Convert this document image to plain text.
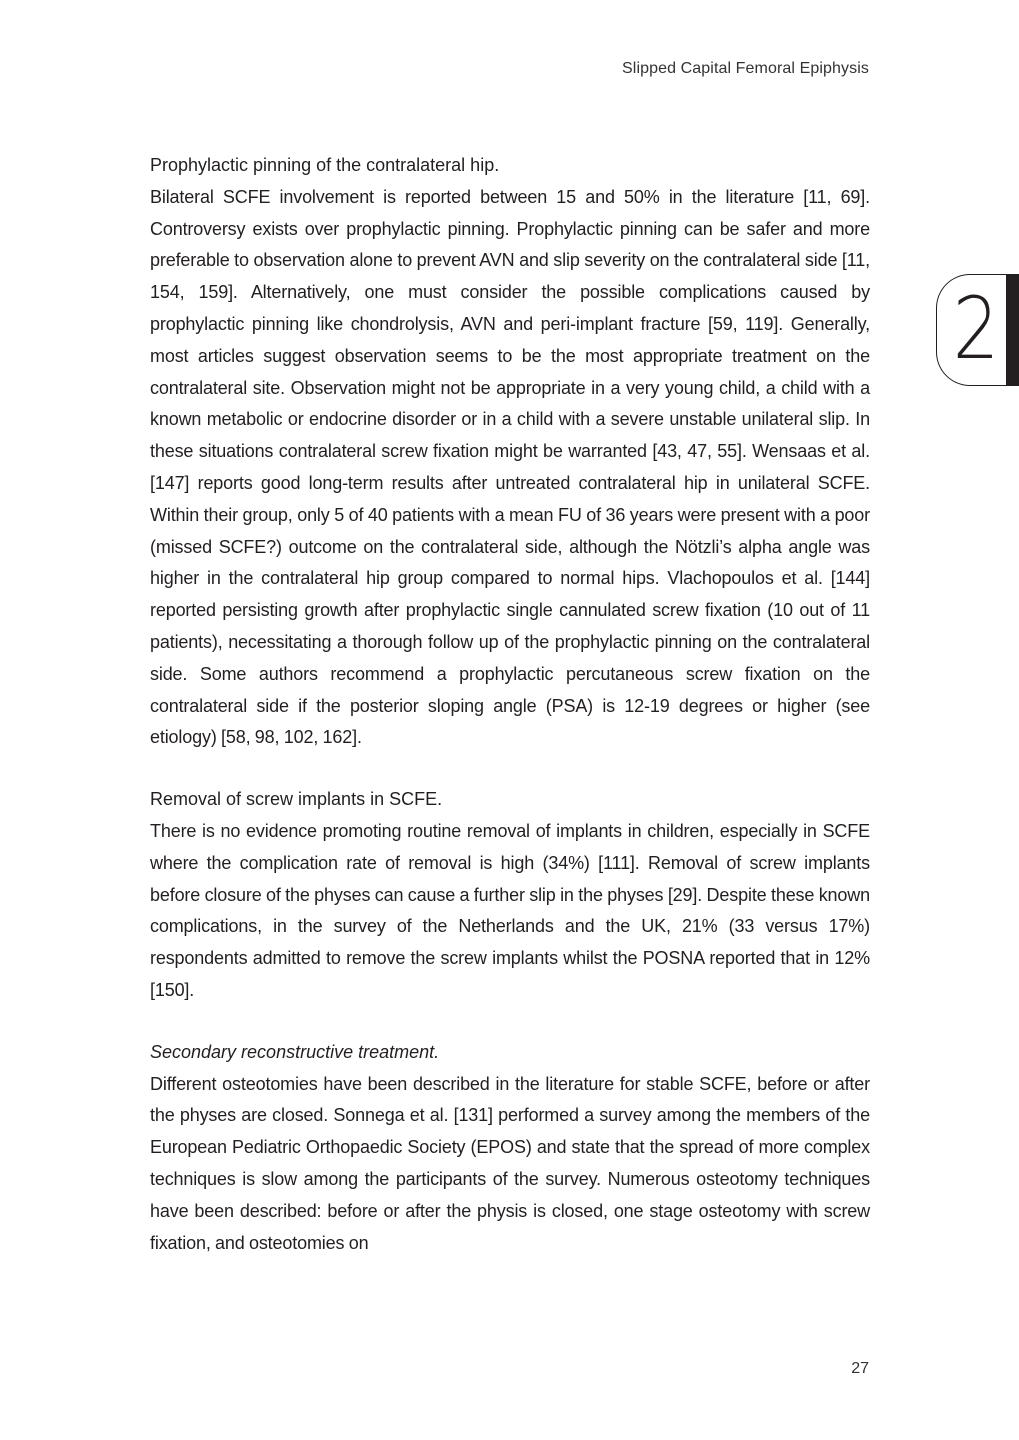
Slipped Capital Femoral Epiphysis
2

Prophylactic pinning of the contralateral hip.

Bilateral SCFE involvement is reported between 15 and 50% in the literature [11, 69]. Controversy exists over prophylactic pinning. Prophylactic pinning can be safer and more preferable to observation alone to prevent AVN and slip severity on the contralateral side [11, 154, 159]. Alternatively, one must consider the possible complications caused by prophylactic pinning like chondrolysis, AVN and peri-implant fracture [59, 119]. Generally, most articles suggest observation seems to be the most appropriate treatment on the contralateral site. Observation might not be appropriate in a very young child, a child with a known metabolic or endocrine disorder or in a child with a severe unstable unilateral slip. In these situations contralateral screw fixation might be warranted [43, 47, 55]. Wensaas et al. [147] reports good long-term results after untreated contralateral hip in unilateral SCFE. Within their group, only 5 of 40 patients with a mean FU of 36 years were present with a poor (missed SCFE?) outcome on the contralateral side, although the Nötzli’s alpha angle was higher in the contralateral hip group compared to normal hips. Vlachopoulos et al. [144] reported persisting growth after prophylactic single cannulated screw fixation (10 out of 11 patients), necessitating a thorough follow up of the prophylactic pinning on the contralateral side. Some authors recommend a prophylactic percutaneous screw fixation on the contralateral side if the posterior sloping angle (PSA) is 12-19 degrees or higher (see etiology) [58, 98, 102, 162].

Removal of screw implants in SCFE.

There is no evidence promoting routine removal of implants in children, especially in SCFE where the complication rate of removal is high (34%) [111]. Removal of screw implants before closure of the physes can cause a further slip in the physes [29]. Despite these known complications, in the survey of the Netherlands and the UK, 21% (33 versus 17%) respondents admitted to remove the screw implants whilst the POSNA reported that in 12% [150].

Secondary reconstructive treatment.

Different osteotomies have been described in the literature for stable SCFE, before or after the physes are closed. Sonnega et al. [131] performed a survey among the members of the European Pediatric Orthopaedic Society (EPOS) and state that the spread of more complex techniques is slow among the participants of the survey. Numerous osteotomy techniques have been described: before or after the physis is closed, one stage osteotomy with screw fixation, and osteotomies on

27
